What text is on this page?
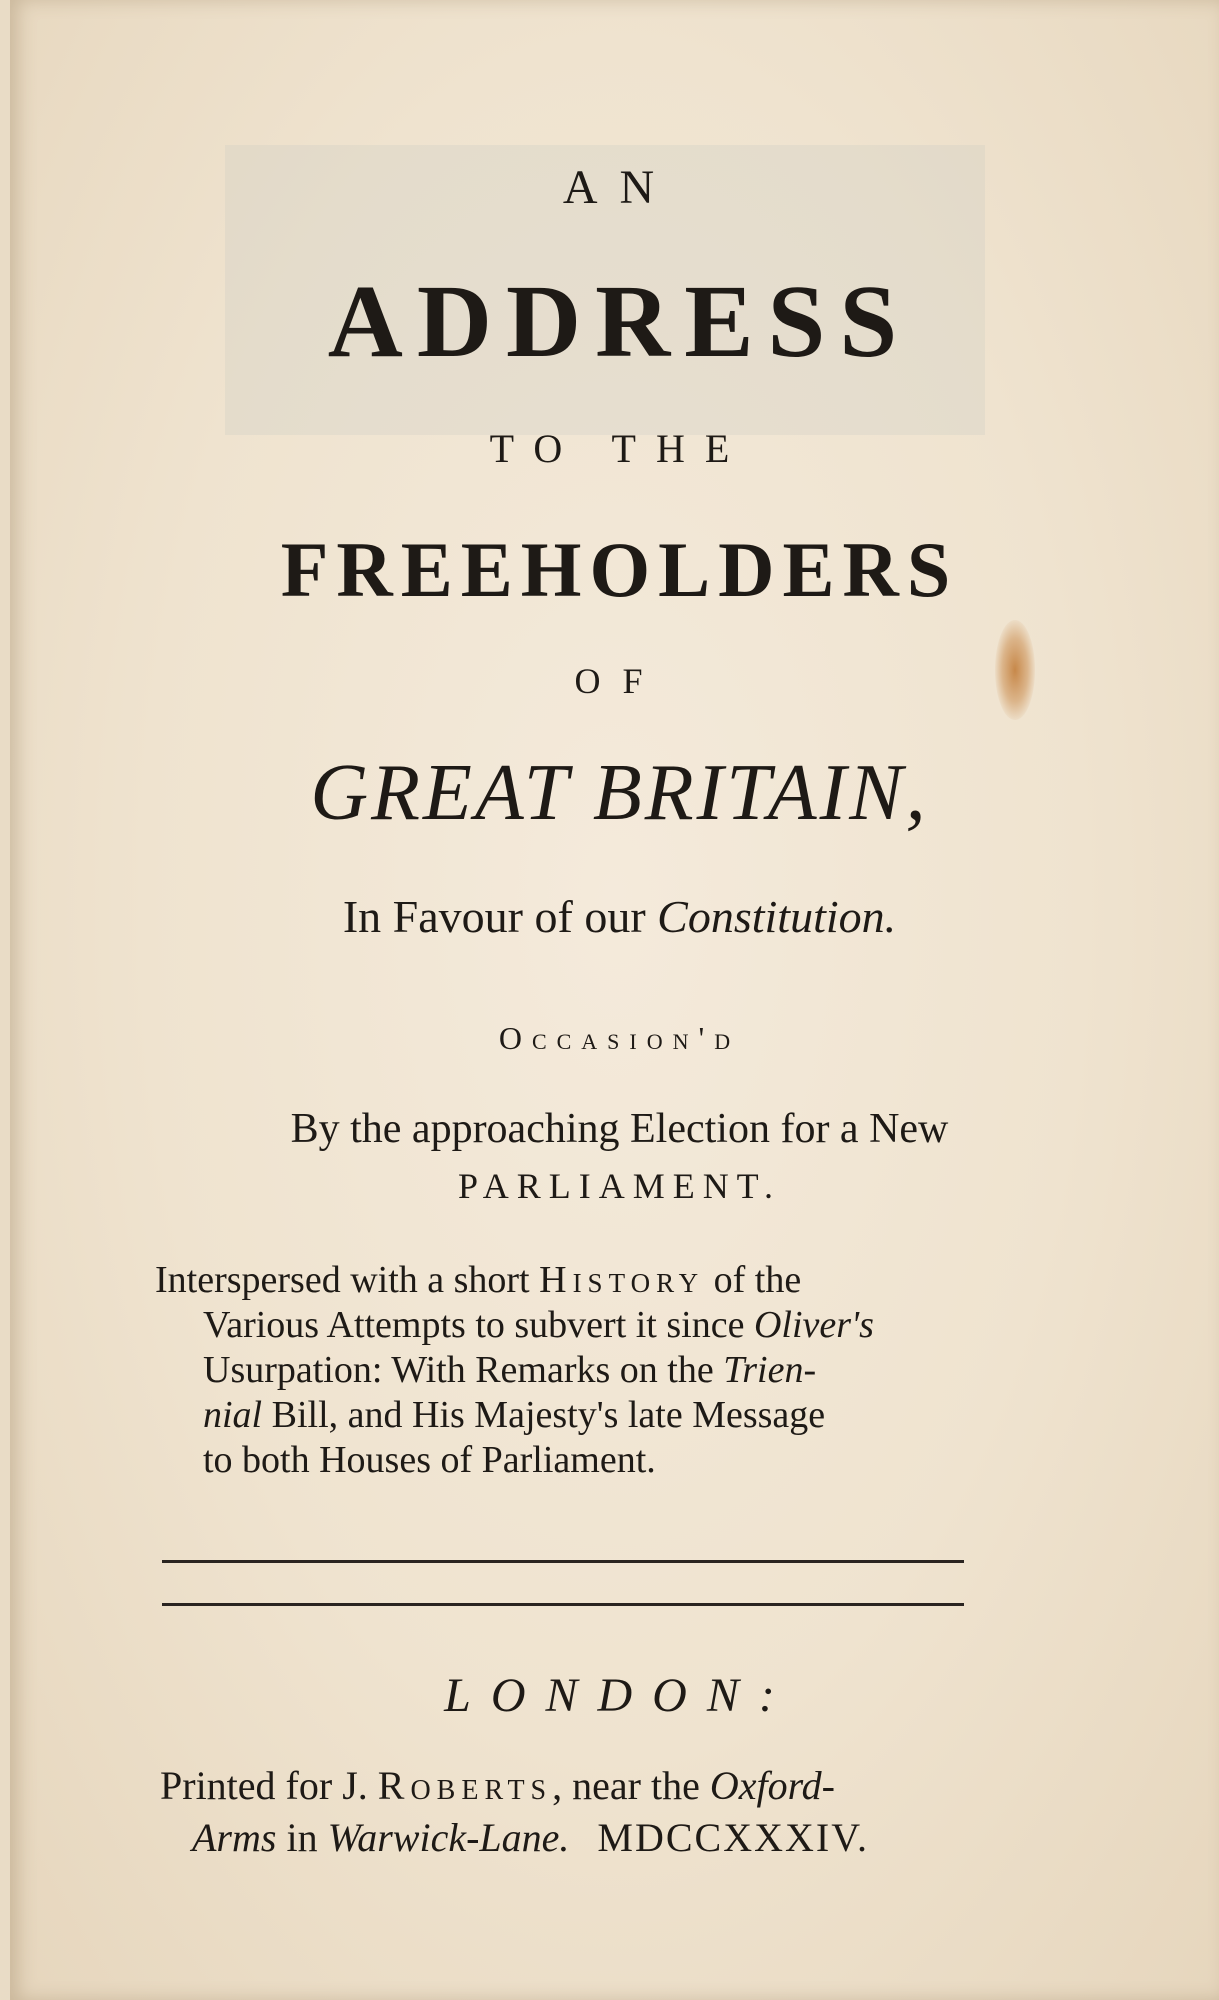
AN

ADDRESS

TO THE

FREEHOLDERS

OF

GREAT BRITAIN,

In Favour of our Constitution.

Occasion'd

By the approaching Election for a New

PARLIAMENT.

Interspersed with a short History of the
Various Attempts to subvert it since Oliver's
Usurpation: With Remarks on the Trien-
nial Bill, and His Majesty's late Message
to both Houses of Parliament.

LONDON:

Printed for J. Roberts, near the Oxford-
Arms in Warwick-Lane. MDCCXXXIV.
